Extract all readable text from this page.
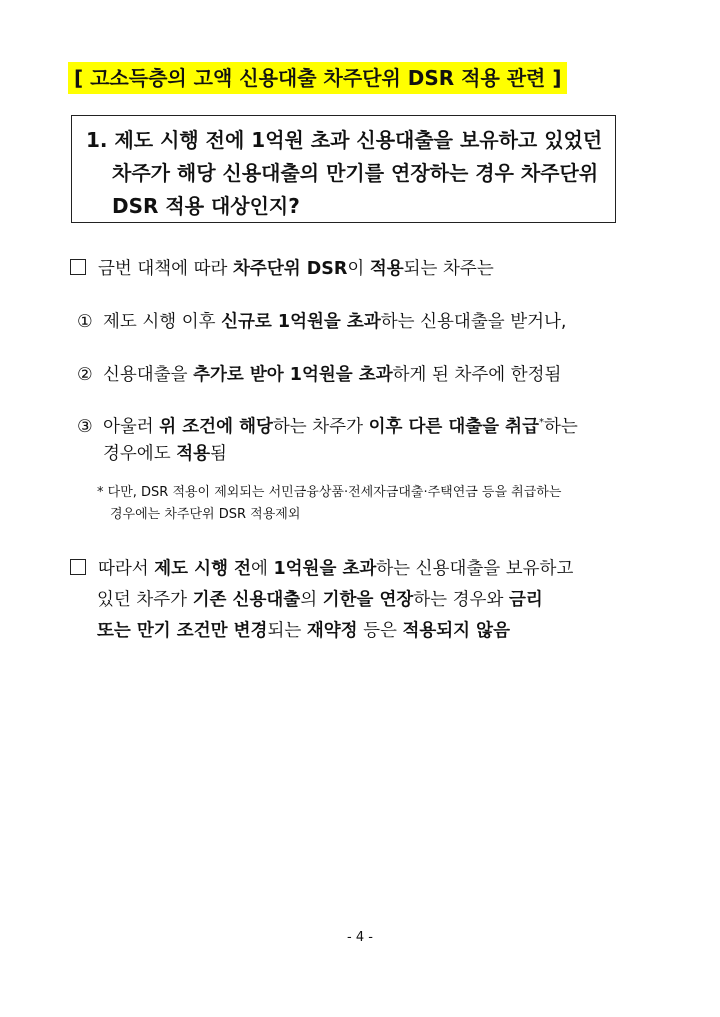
[ 고소득층의 고액 신용대출 차주단위 DSR 적용 관련 ]
1. 제도 시행 전에 1억원 초과 신용대출을 보유하고 있었던
차주가 해당 신용대출의 만기를 연장하는 경우 차주단위
DSR 적용 대상인지?
금번 대책에 따라 차주단위 DSR이 적용되는 차주는
① 제도 시행 이후 신규로 1억원을 초과하는 신용대출을 받거나,
② 신용대출을 추가로 받아 1억원을 초과하게 된 차주에 한정됨
③ 아울러 위 조건에 해당하는 차주가 이후 다른 대출을 취급*하는
경우에도 적용됨
* 다만, DSR 적용이 제외되는 서민금융상품·전세자금대출·주택연금 등을 취급하는
경우에는 차주단위 DSR 적용제외
따라서 제도 시행 전에 1억원을 초과하는 신용대출을 보유하고
있던 차주가 기존 신용대출의 기한을 연장하는 경우와 금리
또는 만기 조건만 변경되는 재약정 등은 적용되지 않음
- 4 -
